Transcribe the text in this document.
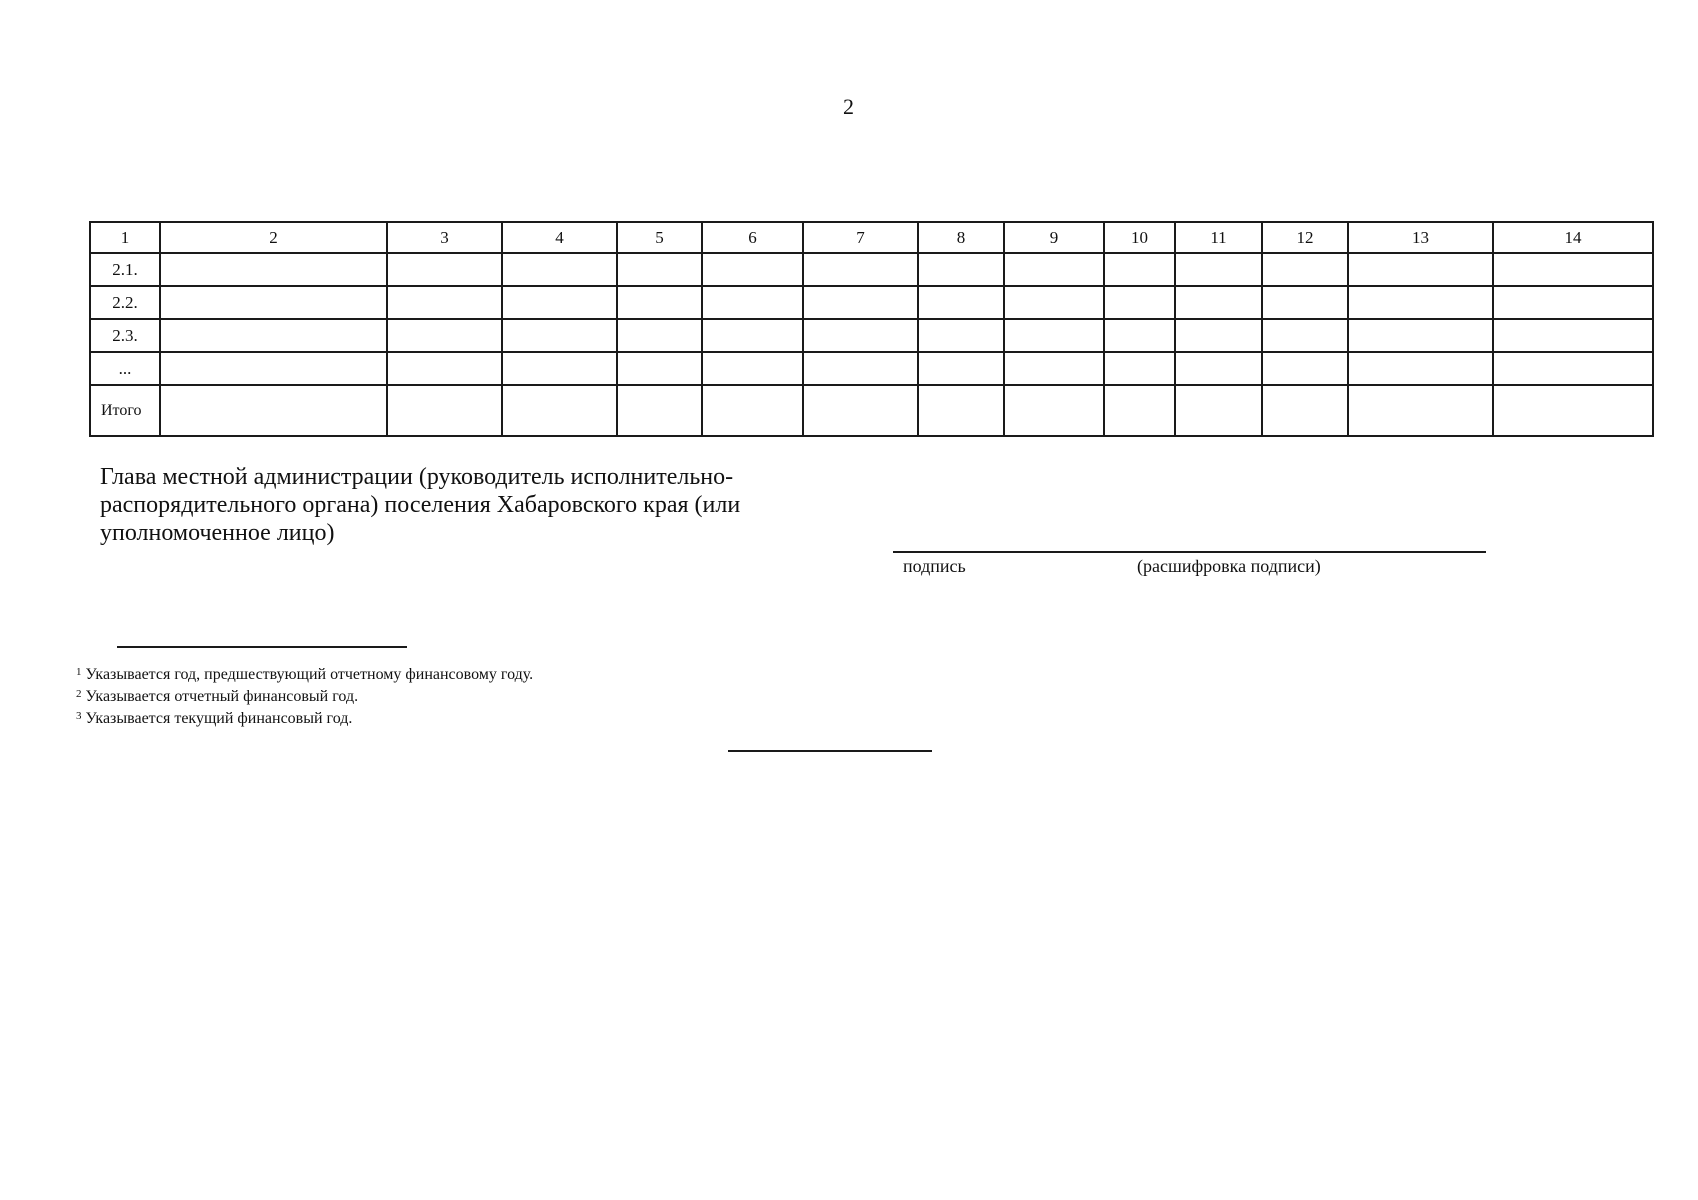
2
1	2	3	4	5	6	7	8	9	10	11	12	13	14
2.1.													
2.2.													
2.3.													
...													
Итого													
Глава местной администрации (руководитель исполнительно-распорядительного органа) поселения Хабаровского края (или уполномоченное лицо)
подпись	(расшифровка подписи)
$^1$ Указывается год, предшествующий отчетному финансовому году.
$^2$ Указывается отчетный финансовый год.
$^3$ Указывается текущий финансовый год.
